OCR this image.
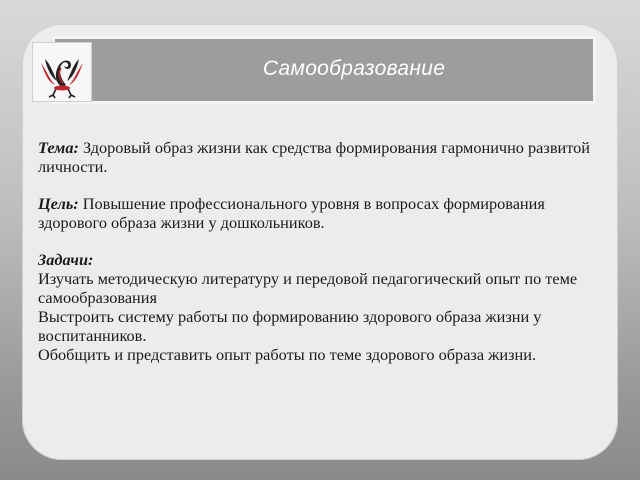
Самообразование

Тема: Здоровый образ жизни как средства формирования гармонично развитой личности.

Цель: Повышение профессионального уровня в вопросах формирования здорового образа жизни у дошкольников.

Задачи:
Изучать методическую литературу и передовой педагогический опыт по теме самообразования
Выстроить систему работы по формированию здорового образа жизни у воспитанников.
Обобщить и представить опыт работы по теме здорового образа жизни.
